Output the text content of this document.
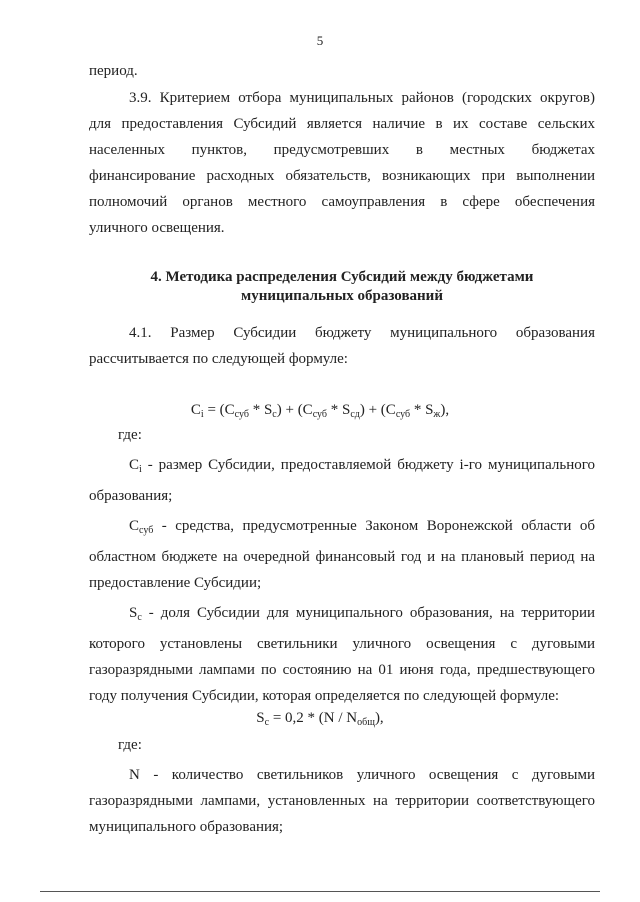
5
период.
3.9. Критерием отбора муниципальных районов (городских округов)
для предоставления Субсидий является наличие в их составе сельских
населенных пунктов, предусмотревших в местных бюджетах
финансирование расходных обязательств, возникающих при выполнении
полномочий органов местного самоуправления в сфере обеспечения
уличного освещения.
4. Методика распределения Субсидий между бюджетами
муниципальных образований
4.1. Размер Субсидии бюджету муниципального образования
рассчитывается по следующей формуле:
$C_i = (C_{суб} * S_с) + (C_{суб} * S_{сд}) + (C_{суб} * S_ж)$,
где:
$C_i$ - размер Субсидии, предоставляемой бюджету i-го муниципального
образования;
$C_{суб}$ - средства, предусмотренные Законом Воронежской области об
областном бюджете на очередной финансовый год и на плановый период на
предоставление Субсидии;
$S_с$ - доля Субсидии для муниципального образования, на территории
которого установлены светильники уличного освещения с дуговыми
газоразрядными лампами по состоянию на 01 июня года, предшествующего
году получения Субсидии, которая определяется по следующей формуле:
$S_с = 0,2 * (N / N_{общ})$,
где:
N - количество светильников уличного освещения с дуговыми
газоразрядными лампами, установленных на территории соответствующего
муниципального образования;
